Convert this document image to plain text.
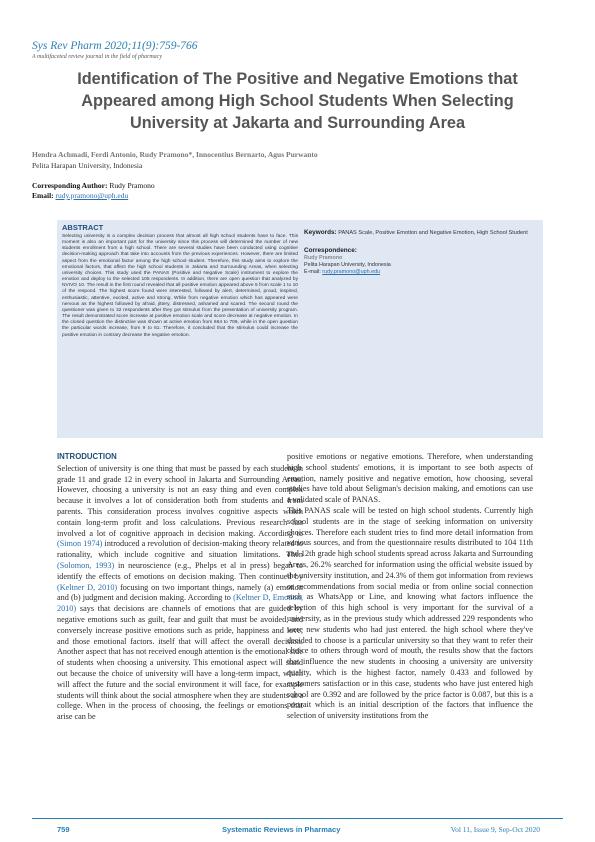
Sys Rev Pharm 2020;11(9):759-766
A multifaceted review journal in the field of pharmacy
Identification of The Positive and Negative Emotions that Appeared among High School Students When Selecting University at Jakarta and Surrounding Area
Hendra Achmadi, Ferdi Antonio, Rudy Pramono*, Innocentius Bernarto, Agus Purwanto
Pelita Harapan University, Indonesia
Corresponding Author: Rudy Pramono
Email: rudy.pramono@uph.edu
ABSTRACT

Selecting university is a complex decision process that almost all high school students have to face. This moment is also an important part for the university since this process will determined the number of new students enrollment from a high school. There are several studies have been conducted using cognitive decision-making approach that take into accounts from the previous experiences. However, there are limited aspect from the emotional factor among the high school student. Therefore, this study aims to explore the emotional factors, that affect the high school students in Jakarta and Surrounding Areas, when selecting university choices. This study used the PANAS (Positive and Negative Scale) instrument to explore the emotion and deploy to the selected 105 respondents. In addition, there are open question that analyzed by NVIVO 10. The result in the first round revealed that all positive emotion appeared above 5 from scale 1 to 10 of the respond. The highest score found were interested, followed by alert, determined, proud, inspired, enthusiastic, attentive, excited, active and strong. While from negative emotion which has appeared were nervous as the highest followed by afraid, jittery, distressed, ashamed and scared. The second round the questioner was given to 32 respondents after they got stimulus from the presentation of university program. The result demonstrated score increase at positive emotion scale and score decrease at negative emotion. In the closed question the distinctive was shown at active emotion from 664 to 706, while in the open question the particular words increase, from 9 to 61. Therefore, it concluded that the stimulus could increase the positive emotion in contrary decrease the negative emotion.

Keywords: PANAS Scale, Positive Emotion and Negative Emotion, High School Student
Correspondence:
Rudy Pramono
Pelita Harapan University, Indonesia
E-mail: rudy.pramono@uph.edu
INTRODUCTION

Selection of university is one thing that must be passed by each student in grade 11 and grade 12 in every school in Jakarta and Surrounding Areas. However, choosing a university is not an easy thing and even complex because it involves a lot of consideration both from students and from parents. This consideration process involves cognitive aspects which contain long-term profit and loss calculations. Previous research has involved a lot of cognitive approach in decision making. According to (Simon 1974) introduced a revolution of decision-making theory related to rationality, which include cognitive and situation limitations. Then (Solomon, 1993) in neuroscience (e.g., Phelps et al in press) began to identify the effects of emotions on decision making. Then continued by (Keltner D, 2010) focusing on two important things, namely (a) emotion and (b) judgment and decision making. According to (Keltner D, Emotion, 2010) says that decisions are channels of emotions that are guided by negative emotions such as guilt, fear and guilt that must be avoided, and conversely increase positive emotions such as pride, happiness and love, and those emotional factors. itself that will affect the overall decision. Another aspect that has not received enough attention is the emotional side of students when choosing a university. This emotional aspect will stand out because the choice of university will have a long-term impact, which will affect the future and the social environment it will face, for example students will think about the social atmosphere when they are students at a college. When in the process of choosing, the feelings or emotions that arise can be

positive emotions or negative emotions. Therefore, when understanding high school students' emotions, it is important to see both aspects of emotion, namely positive and negative emotion, how choosing, several studies have told about Seligman's decision making, and emotions can use a validated scale of PANAS.

This PANAS scale will be tested on high school students. Currently high school students are in the stage of seeking information on university choices. Therefore each student tries to find more detail information from various sources, and from the questionnaire results distributed to 104 11th and 12th grade high school students spread across Jakarta and Surrounding Areas, 26.2% searched for information using the official website issued by the university institution, and 24.3% of them got information from reviews or recommendations from social media or from online social connection such as WhatsApp or Line, and knowing what factors influence the selection of this high school is very important for the survival of a university, as in the previous study which addressed 229 respondents who were new students who had just entered. the high school where they've decided to choose is a particular university so that they want to refer their choice to others through word of mouth, the results show that the factors that influence the new students in choosing a university are university quality, which is the highest factor, namely 0.433 and followed by customers satisfaction or in this case, students who have just entered high school are 0.392 and are followed by the price factor is 0.087, but this is a portrait which is an initial description of the factors that influence the selection of university institutions from the

759	Systematic Reviews in Pharmacy	Vol 11, Issue 9, Sep-Oct 2020
